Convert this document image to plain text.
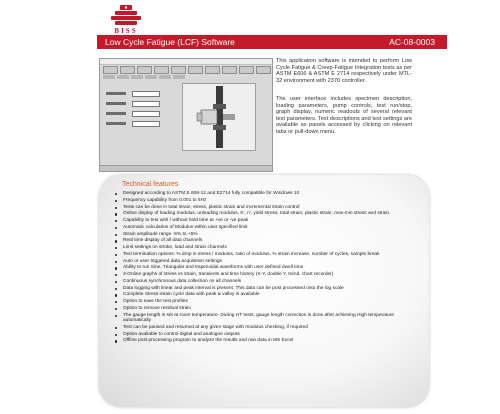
BISS
Low Cycle Fatigue (LCF) Software	AC-08-0003

This application software is intended to perform Low Cycle Fatigue & Creep-Fatigue Integration tests as per ASTM E606 & ASTM E 2714 respectively under MTL-32 environment with 2370 controller.

The user interface includes specimen description, loading parameters, pump controls, test run/stop, graph display, numeric readouts of several relevant test parameters. Test descriptions and test settings are available as panels accessed by clicking on relevant tabs or pull-down menu.

Technical features
Designed according to ASTM E 606-12 and E2714 fully compatible for Windows 10
Frequency capability from 0.001 to 5Hz
Tests can be done in total strain, stress, plastic strain and incremental strain control
Online display of loading modulus, unloading modulus, K', n', yield stress, total strain, plastic strain, max-min stress and strain.
Capability to test with / without hold time at +ve or -ve peak
Automatic calculation of Modulus within user specified limit
Strain amplitude range -5% to +5%
Real time display of all data channels
Limit settings on stroke, load and strain channels
Test termination options: % drop in stress / modulus, ratio of modulus, % strain increase, number of cycles, sample break
Auto or user triggered data acquisition settings
Ability to run Sine, Triangular and trapezoidal waveforms with user defined dwell time
3-Online graphs of stress vs strain, transients and time history (X-Y, double Y, trend, chart recorder)
Continuous synchronous data collection on all channels
Data logging with linear and peak interval is present. This data can be post processed onto the log scale
Complete Stress-strain cycle data with peak & valley is available
Option to save the test profiles
Option to remove residual strain
The gauge length is set at room temperature. During HT tests, gauge length correction is done after achieving High temperature automatically
Test can be paused and resumed at any given stage with modulus checking, if required
Option available to control digital and analogue outputs
Offline post processing program to analyze the results and raw data in MS Excel
